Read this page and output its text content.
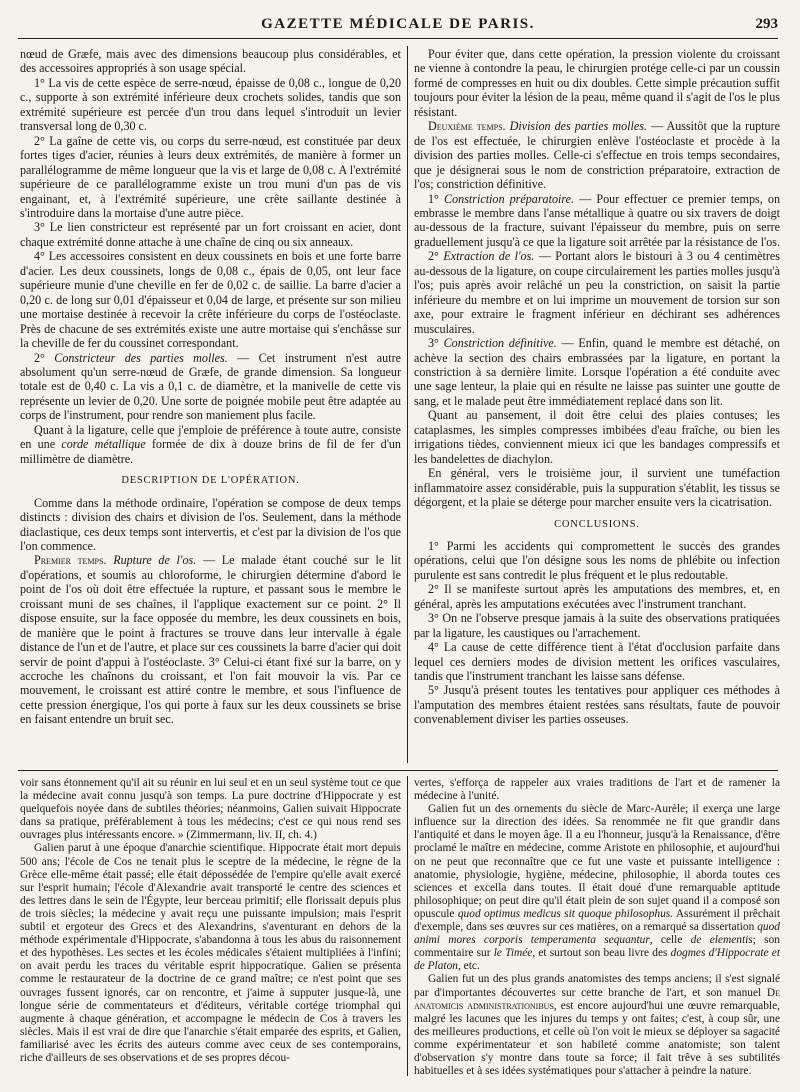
GAZETTE MÉDICALE DE PARIS.	293

nœud de Græfe, mais avec des dimensions beaucoup plus considérables, et des accessoires appropriés à son usage spécial.

1° La vis de cette espèce de serre-nœud, épaisse de 0,08 c., longue de 0,20 c., supporte à son extrémité inférieure deux crochets solides, tandis que son extrémité supérieure est percée d'un trou dans lequel s'introduit un levier transversal long de 0,30 c.

2° La gaîne de cette vis, ou corps du serre-nœud, est constituée par deux fortes tiges d'acier, réunies à leurs deux extrémités, de manière à former un parallélogramme de même longueur que la vis et large de 0,08 c. A l'extrémité supérieure de ce parallélogramme existe un trou muni d'un pas de vis engainant, et, à l'extrémité supérieure, une crête saillante destinée à s'introduire dans la mortaise d'une autre pièce.

3° Le lien constricteur est représenté par un fort croissant en acier, dont chaque extrémité donne attache à une chaîne de cinq ou six anneaux.

4° Les accessoires consistent en deux coussinets en bois et une forte barre d'acier. Les deux coussinets, longs de 0,08 c., épais de 0,05, ont leur face supérieure munie d'une cheville en fer de 0,02 c. de saillie. La barre d'acier a 0,20 c. de long sur 0,01 d'épaisseur et 0,04 de large, et présente sur son milieu une mortaise destinée à recevoir la crête inférieure du corps de l'ostéoclaste. Près de chacune de ses extrémités existe une autre mortaise qui s'enchâsse sur la cheville de fer du coussinet correspondant.

2° Constricteur des parties molles. — Cet instrument n'est autre absolument qu'un serre-nœud de Græfe, de grande dimension. Sa longueur totale est de 0,40 c. La vis a 0,1 c. de diamètre, et la manivelle de cette vis représente un levier de 0,20. Une sorte de poignée mobile peut être adaptée au corps de l'instrument, pour rendre son maniement plus facile.

Quant à la ligature, celle que j'emploie de préférence à toute autre, consiste en une corde métallique formée de dix à douze brins de fil de fer d'un millimètre de diamètre.

DESCRIPTION DE L'OPÉRATION.

Comme dans la méthode ordinaire, l'opération se compose de deux temps distincts : division des chairs et division de l'os. Seulement, dans la méthode diaclastique, ces deux temps sont intervertis, et c'est par la division de l'os que l'on commence.

Premier temps. Rupture de l'os. — Le malade étant couché sur le lit d'opérations, et soumis au chloroforme, le chirurgien détermine d'abord le point de l'os où doit être effectuée la rupture, et passant sous le membre le croissant muni de ses chaînes, il l'applique exactement sur ce point. 2° Il dispose ensuite, sur la face opposée du membre, les deux coussinets en bois, de manière que le point à fractures se trouve dans leur intervalle à égale distance de l'un et de l'autre, et place sur ces coussinets la barre d'acier qui doit servir de point d'appui à l'ostéoclaste. 3° Celui-ci étant fixé sur la barre, on y accroche les chaînons du croissant, et l'on fait mouvoir la vis. Par ce mouvement, le croissant est attiré contre le membre, et sous l'influence de cette pression énergique, l'os qui porte à faux sur les deux coussinets se brise en faisant entendre un bruit sec.

Pour éviter que, dans cette opération, la pression violente du croissant ne vienne à contondre la peau, le chirurgien protége celle-ci par un coussin formé de compresses en huit ou dix doubles. Cette simple précaution suffit toujours pour éviter la lésion de la peau, même quand il s'agit de l'os le plus résistant.

Deuxième temps. Division des parties molles. — Aussitôt que la rupture de l'os est effectuée, le chirurgien enlève l'ostéoclaste et procède à la division des parties molles. Celle-ci s'effectue en trois temps secondaires, que je désignerai sous le nom de constriction préparatoire, extraction de l'os; constriction définitive.

1° Constriction préparatoire. — Pour effectuer ce premier temps, on embrasse le membre dans l'anse métallique à quatre ou six travers de doigt au-dessous de la fracture, suivant l'épaisseur du membre, puis on serre graduellement jusqu'à ce que la ligature soit arrêtée par la résistance de l'os.

2° Extraction de l'os. — Portant alors le bistouri à 3 ou 4 centimètres au-dessous de la ligature, on coupe circulairement les parties molles jusqu'à l'os; puis après avoir relâché un peu la constriction, on saisit la partie inférieure du membre et on lui imprime un mouvement de torsion sur son axe, pour extraire le fragment inférieur en déchirant ses adhérences musculaires.

3° Constriction définitive. — Enfin, quand le membre est détaché, on achève la section des chairs embrassées par la ligature, en portant la constriction à sa dernière limite. Lorsque l'opération a été conduite avec une sage lenteur, la plaie qui en résulte ne laisse pas suinter une goutte de sang, et le malade peut être immédiatement replacé dans son lit.

Quant au pansement, il doit être celui des plaies contuses; les cataplasmes, les simples compresses imbibées d'eau fraîche, ou bien les irrigations tièdes, conviennent mieux ici que les bandages compressifs et les bandelettes de diachylon.

En général, vers le troisième jour, il survient une tuméfaction inflammatoire assez considérable, puis la suppuration s'établit, les tissus se dégorgent, et la plaie se déterge pour marcher ensuite vers la cicatrisation.

CONCLUSIONS.

1° Parmi les accidents qui compromettent le succès des grandes opérations, celui que l'on désigne sous les noms de phlébite ou infection purulente est sans contredit le plus fréquent et le plus redoutable.

2° Il se manifeste surtout après les amputations des membres, et, en général, après les amputations exécutées avec l'instrument tranchant.

3° On ne l'observe presque jamais à la suite des observations pratiquées par la ligature, les caustiques ou l'arrachement.

4° La cause de cette différence tient à l'état d'occlusion parfaite dans lequel ces derniers modes de division mettent les orifices vasculaires, tandis que l'instrument tranchant les laisse sans défense.

5° Jusqu'à présent toutes les tentatives pour appliquer ces méthodes à l'amputation des membres étaient restées sans résultats, faute de pouvoir convenablement diviser les parties osseuses.

voir sans étonnement qu'il ait su réunir en lui seul et en un seul système tout ce que la médecine avait connu jusqu'à son temps. La pure doctrine d'Hippocrate y est quelquefois noyée dans de subtiles théories; néanmoins, Galien suivait Hippocrate dans sa pratique, préférablement à tous les médecins; c'est ce qui nous rend ses ouvrages plus intéressants encore. » (Zimmermann, liv. II, ch. 4.)

Galien parut à une époque d'anarchie scientifique. Hippocrate était mort depuis 500 ans; l'école de Cos ne tenait plus le sceptre de la médecine, le règne de la Grèce elle-même était passé; elle était dépossédée de l'empire qu'elle avait exercé sur l'esprit humain; l'école d'Alexandrie avait transporté le centre des sciences et des lettres dans le sein de l'Égypte, leur berceau primitif; elle florissait depuis plus de trois siècles; la médecine y avait reçu une puissante impulsion; mais l'esprit subtil et ergoteur des Grecs et des Alexandrins, s'aventurant en dehors de la méthode expérimentale d'Hippocrate, s'abandonna à tous les abus du raisonnement et des hypothèses. Les sectes et les écoles médicales s'étaient multipliées à l'infini; on avait perdu les traces du véritable esprit hippocratique. Galien se présenta comme le restaurateur de la doctrine de ce grand maître; ce n'est point que ses ouvrages fussent ignorés, car on rencontre, et j'aime à supputer jusque-là, une longue série de commentateurs et d'éditeurs, véritable cortége triomphal qui augmente à chaque génération, et accompagne le médecin de Cos à travers les siècles. Mais il est vrai de dire que l'anarchie s'était emparée des esprits, et Galien, familiarisé avec les écrits des auteurs comme avec ceux de ses contemporains, riche d'ailleurs de ses observations et de ses propres décou-

vertes, s'efforça de rappeler aux vraies traditions de l'art et de ramener la médecine à l'unité.

Galien fut un des ornements du siècle de Marc-Aurèle; il exerça une large influence sur la direction des idées. Sa renommée ne fit que grandir dans l'antiquité et dans le moyen âge. Il a eu l'honneur, jusqu'à la Renaissance, d'être proclamé le maître en médecine, comme Aristote en philosophie, et aujourd'hui on ne peut que reconnaître que ce fut une vaste et puissante intelligence : anatomie, physiologie, hygiène, médecine, philosophie, il aborda toutes ces sciences et excella dans toutes. Il était doué d'une remarquable aptitude philosophique; on peut dire qu'il était plein de son sujet quand il a composé son opuscule quod optimus medicus sit quoque philosophus. Assurément il prêchait d'exemple, dans ses œuvres sur ces matières, on a remarqué sa dissertation quod animi mores corporis temperamenta sequantur, celle de elementis; son commentaire sur le Timée, et surtout son beau livre des dogmes d'Hippocrate et de Platon, etc.

Galien fut un des plus grands anatomistes des temps anciens; il s'est signalé par d'importantes découvertes sur cette branche de l'art, et son manuel De anatomicis administrationibus, est encore aujourd'hui une œuvre remarquable, malgré les lacunes que les injures du temps y ont faites; c'est, à coup sûr, une des meilleures productions, et celle où l'on voit le mieux se déployer sa sagacité comme expérimentateur et son habileté comme anatomiste; son talent d'observation s'y montre dans toute sa force; il fait trêve à ses subtilités habituelles et à ses idées systématiques pour s'attacher à peindre la nature.
